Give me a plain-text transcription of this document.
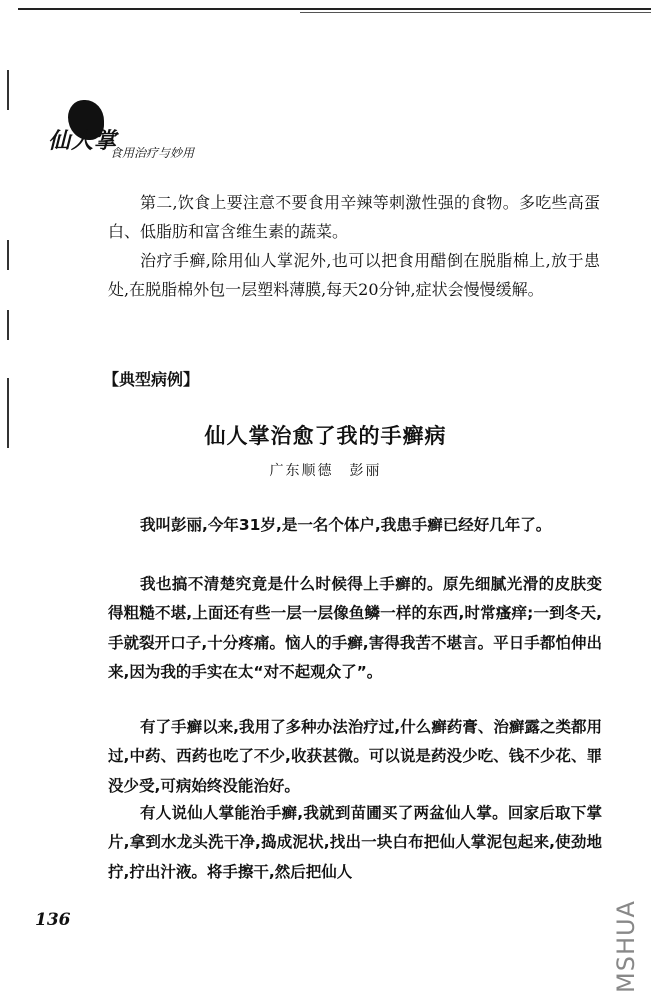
仙人掌
食用治疗与妙用

第二,饮食上要注意不要食用辛辣等刺激性强的食物。多吃些高蛋白、低脂肪和富含维生素的蔬菜。

治疗手癣,除用仙人掌泥外,也可以把食用醋倒在脱脂棉上,放于患处,在脱脂棉外包一层塑料薄膜,每天20分钟,症状会慢慢缓解。

【典型病例】
仙人掌治愈了我的手癣病
广东顺德　彭丽

我叫彭丽,今年31岁,是一名个体户,我患手癣已经好几年了。

我也搞不清楚究竟是什么时候得上手癣的。原先细腻光滑的皮肤变得粗糙不堪,上面还有些一层一层像鱼鳞一样的东西,时常瘙痒;一到冬天,手就裂开口子,十分疼痛。恼人的手癣,害得我苦不堪言。平日手都怕伸出来,因为我的手实在太“对不起观众了”。

有了手癣以来,我用了多种办法治疗过,什么癣药膏、治癣露之类都用过,中药、西药也吃了不少,收获甚微。可以说是药没少吃、钱不少花、罪没少受,可病始终没能治好。

有人说仙人掌能治手癣,我就到苗圃买了两盆仙人掌。回家后取下掌片,拿到水龙头洗干净,捣成泥状,找出一块白布把仙人掌泥包起来,使劲地拧,拧出汁液。将手擦干,然后把仙人

136	MSHUA
